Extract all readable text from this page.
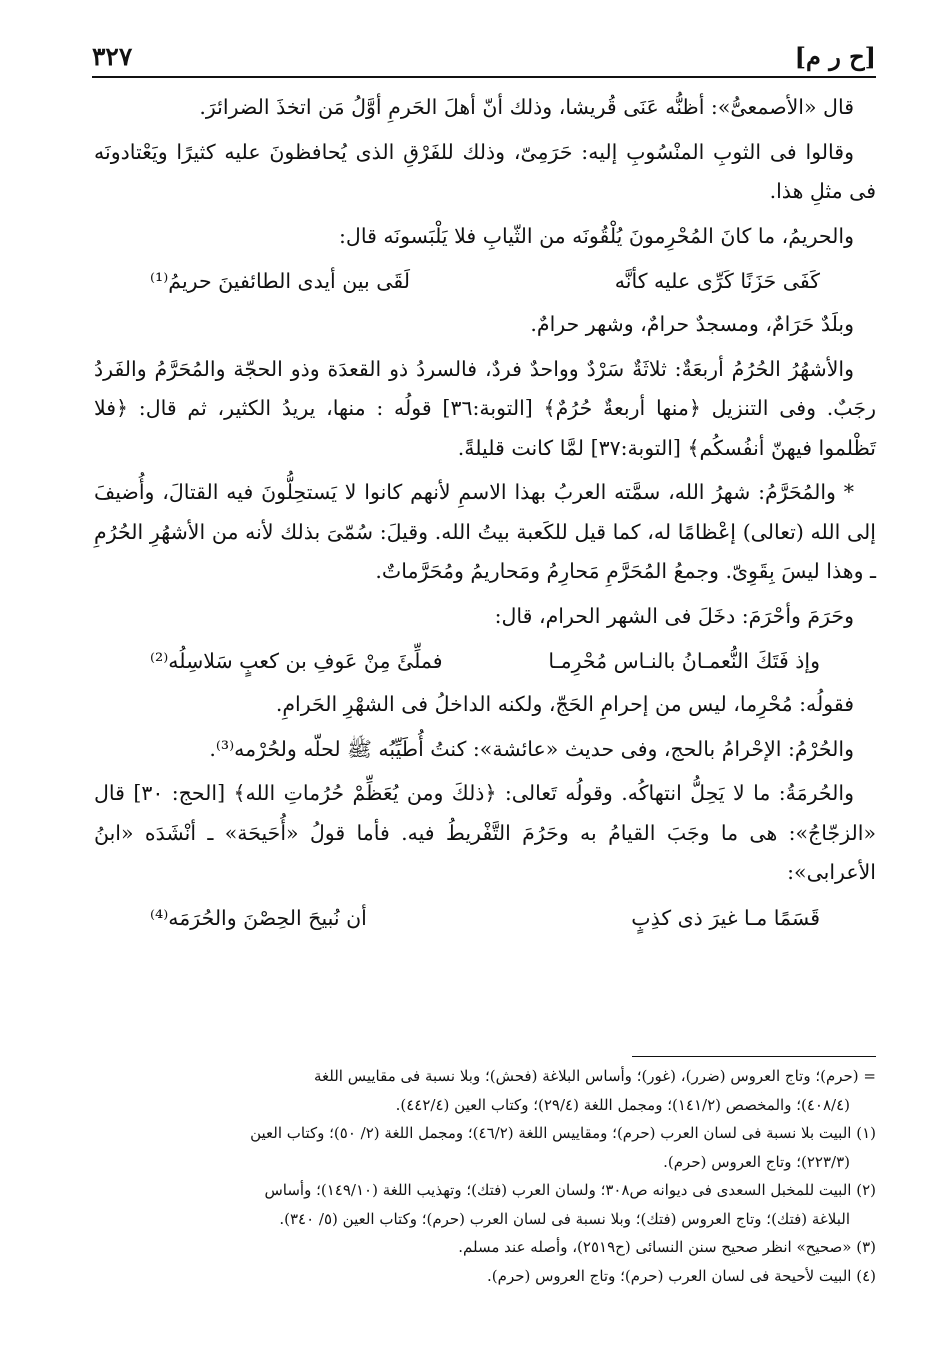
٣٢٧	[ح ر م]

قال «الأصمعىُّ»: أظنُّه عَنَى قُريشا، وذلك أنّ أهلَ الحَرمِ أوَّلُ مَن اتخذَ الضرائرَ.

وقالوا فى الثوبِ المنْسُوبِ إليه: حَرَمِىّ، وذلك للفَرْقِ الذى يُحافظونَ عليه كثيرًا ويَعْتادونَه فى مثلِ هذا.

والحريمُ، ما كانَ المُحْرِمونَ يُلْقُونَه من الثّيابِ فلا يَلْبَسونَه قال:

كَفَى حَزَنًا كَرِّى عليه كأنَّه
لَقَى بين أيدى الطائفينَ حريمُ⁽¹⁾

وبلَدٌ حَرَامٌ، ومسجدٌ حرامٌ، وشهر حرامٌ.

والأشهُرُ الحُرُمُ أربعَةٌ: ثلاثَةٌ سَرْدٌ وواحدٌ فردٌ، فالسردُ ذو القعدَة وذو الحجّة والمُحَرَّمُ والفَردُ رجَبٌ. وفى التنزيل ﴿منها أربعةٌ حُرُمٌ﴾ [التوبة:٣٦] قولُه : منها، يريدُ الكثير، ثم قال: ﴿فلا تَظْلموا فيهنّ أنفُسكُم﴾ [التوبة:٣٧] لمَّا كانت قليلةً.

* والمُحَرَّمُ: شهرُ الله، سمَّته العربُ بهذا الاسمِ لأنهم كانوا لا يَستحِلُّونَ فيه القتالَ، وأُضيفَ إلى الله (تعالى) إعْظامًا له، كما قيل للكَعبة بيتُ الله. وقيلَ: سُمّىَ بذلك لأنه من الأشهُرِ الحُرُمِ ـ وهذا ليسَ بِقَوِىّ. وجمعُ المُحَرَّمِ مَحارِمُ ومَحاريمُ ومُحَرَّماتٌ.

وحَرَمَ وأحْرَمَ: دخَلَ فى الشهر الحرام، قال:

وإذ فَتَكَ النُّعمـانُ بالنـاس مُحْرِمـا
فملِّئَ مِنْ عَوفِ بن كعبٍ سَلاسِلُه⁽²⁾

فقولُه: مُحْرِما، ليس من إحرامِ الحَجّ، ولكنه الداخلُ فى الشهْرِ الحَرامِ.

والحُرْمُ: الإحْرامُ بالحج، وفى حديث «عائشة»: كنتُ أُطَيِّبُه ﷺ لحلّه ولحُرْمه⁽³⁾.

والحُرمَةُ: ما لا يَحِلُّ انتهاكُه. وقولُه تَعالى: ﴿ذلكَ ومن يُعَظِّمْ حُرُماتِ الله﴾ [الحج: ٣٠] قال «الزجّاجُ»: هى ما وجَبَ القيامُ به وحَرُمَ التَّفْريطُ فيه. فأما قولُ «أُحَيحَة» ـ أنْشَدَه «ابنُ الأعرابى»:

قَسَمًا مـا غيرَ ذى كذِبٍ
أن نُبيحَ الحِصْنَ والحُرَمَه⁽⁴⁾

= (حرم)؛ وتاج العروس (ضرر)، (غور)؛ وأساس البلاغة (فحش)؛ وبلا نسبة فى مقاييس اللغة

(٤٠٨/٤)؛ والمخصص (١٤١/٢)؛ ومجمل اللغة (٢٩/٤)؛ وكتاب العين (٤٤٢/٤).

(١) البيت بلا نسبة فى لسان العرب (حرم)؛ ومقاييس اللغة (٤٦/٢)؛ ومجمل اللغة (٢/ ٥٠)؛ وكتاب العين

(٢٢٣/٣)؛ وتاج العروس (حرم).

(٢) البيت للمخبل السعدى فى ديوانه ص٣٠٨؛ ولسان العرب (فتك)؛ وتهذيب اللغة (١٤٩/١٠)؛ وأساس

البلاغة (فتك)؛ وتاج العروس (فتك)؛ وبلا نسبة فى لسان العرب (حرم)؛ وكتاب العين (٥/ ٣٤٠).

(٣) «صحيح» انظر صحيح سنن النسائى (ح٢٥١٩)، وأصله عند مسلم.

(٤) البيت لأحيحة فى لسان العرب (حرم)؛ وتاج العروس (حرم).
